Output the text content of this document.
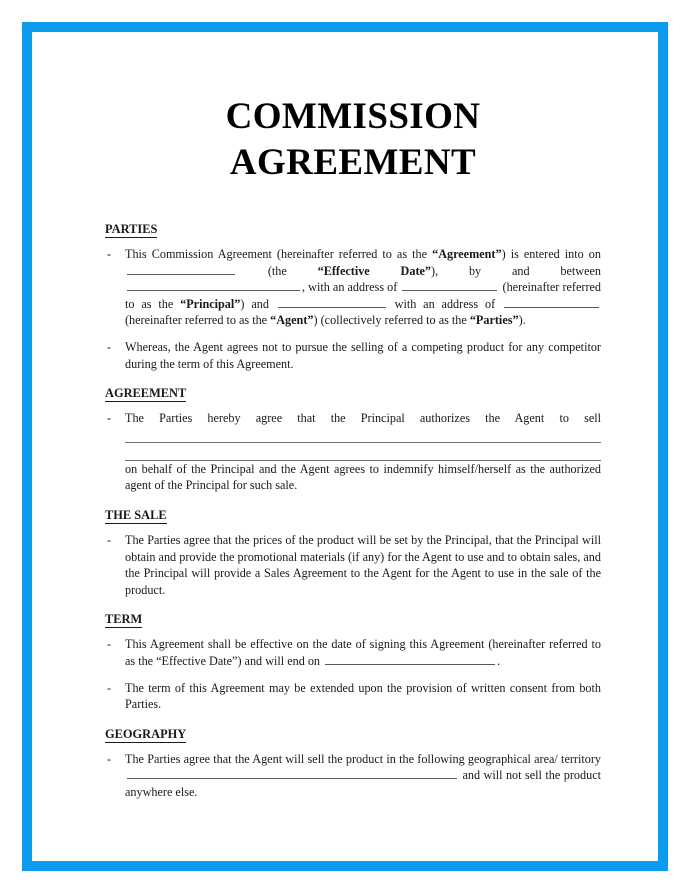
COMMISSION
AGREEMENT
PARTIES

- This Commission Agreement (hereinafter referred to as the “Agreement”) is entered into on  (the “Effective Date”), by and between , with an address of	(hereinafter referred to as the “Principal”) and	with an address of  (hereinafter referred to as the “Agent”) (collectively referred to as the “Parties”).

- Whereas, the Agent agrees not to pursue the selling of a competing product for any competitor during the term of this Agreement.

AGREEMENT

- The Parties hereby agree that the Principal authorizes the Agent to sell
on behalf of the Principal and the Agent agrees to indemnify himself/herself as the authorized agent of the Principal for such sale.

THE SALE

- The Parties agree that the prices of the product will be set by the Principal, that the Principal will obtain and provide the promotional materials (if any) for the Agent to use and to obtain sales, and the Principal will provide a Sales Agreement to the Agent for the Agent to use in the sale of the product.

TERM

- This Agreement shall be effective on the date of signing this Agreement (hereinafter referred to as the “Effective Date”) and will end on	.

- The term of this Agreement may be extended upon the provision of written consent from both Parties.

GEOGRAPHY

- The Parties agree that the Agent will sell the product in the following geographical area/ territory  and will not sell the product anywhere else.
